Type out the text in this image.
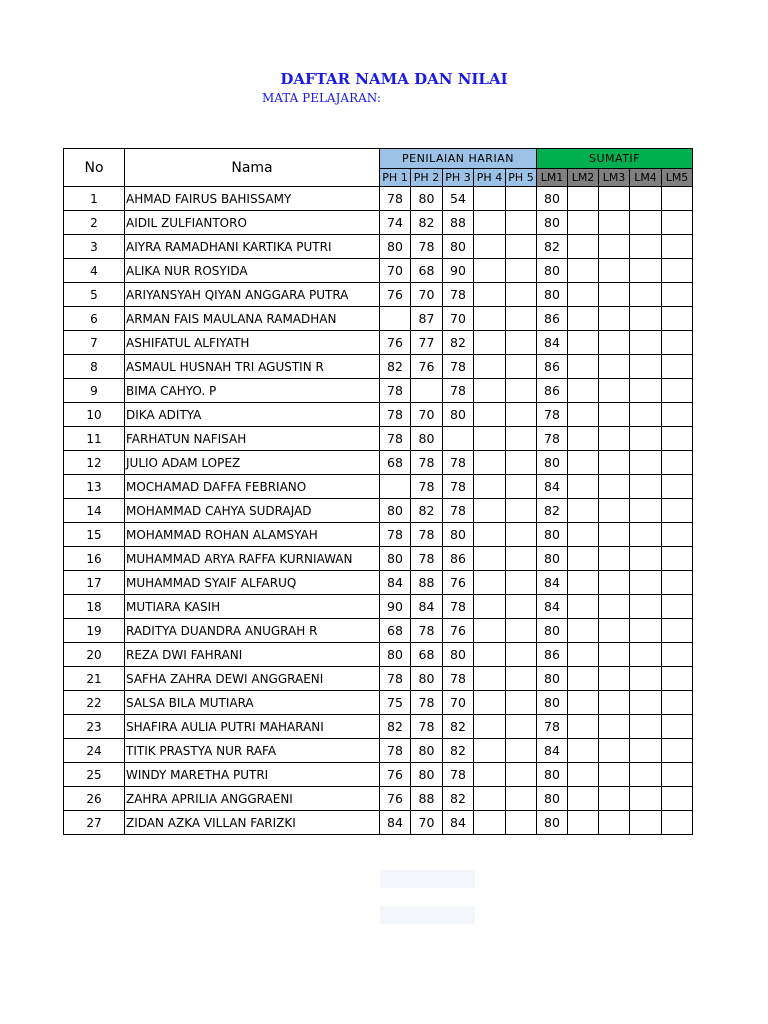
DAFTAR NAMA DAN NILAI
MATA PELAJARAN:
No	Nama	PENILAIAN HARIAN					SUMATIF				
		PH 1	PH 2	PH 3	PH 4	PH 5	LM1	LM2	LM3	LM4	LM5
1	AHMAD FAIRUS BAHISSAMY	78	80	54			80				
2	AIDIL ZULFIANTORO	74	82	88			80				
3	AIYRA RAMADHANI KARTIKA PUTRI	80	78	80			82				
4	ALIKA NUR ROSYIDA	70	68	90			80				
5	ARIYANSYAH QIYAN ANGGARA PUTRA	76	70	78			80				
6	ARMAN FAIS MAULANA RAMADHAN		87	70			86				
7	ASHIFATUL ALFIYATH	76	77	82			84				
8	ASMAUL HUSNAH TRI AGUSTIN R	82	76	78			86				
9	BIMA CAHYO. P	78		78			86				
10	DIKA ADITYA	78	70	80			78				
11	FARHATUN NAFISAH	78	80				78				
12	JULIO ADAM LOPEZ	68	78	78			80				
13	MOCHAMAD DAFFA FEBRIANO		78	78			84				
14	MOHAMMAD CAHYA SUDRAJAD	80	82	78			82				
15	MOHAMMAD ROHAN ALAMSYAH	78	78	80			80				
16	MUHAMMAD ARYA RAFFA KURNIAWAN	80	78	86			80				
17	MUHAMMAD SYAIF ALFARUQ	84	88	76			84				
18	MUTIARA KASIH	90	84	78			84				
19	RADITYA DUANDRA ANUGRAH R	68	78	76			80				
20	REZA DWI FAHRANI	80	68	80			86				
21	SAFHA ZAHRA DEWI ANGGRAENI	78	80	78			80				
22	SALSA BILA MUTIARA	75	78	70			80				
23	SHAFIRA AULIA PUTRI MAHARANI	82	78	82			78				
24	TITIK PRASTYA NUR RAFA	78	80	82			84				
25	WINDY MARETHA PUTRI	76	80	78			80				
26	ZAHRA APRILIA ANGGRAENI	76	88	82			80				
27	ZIDAN AZKA VILLAN FARIZKI	84	70	84			80				
